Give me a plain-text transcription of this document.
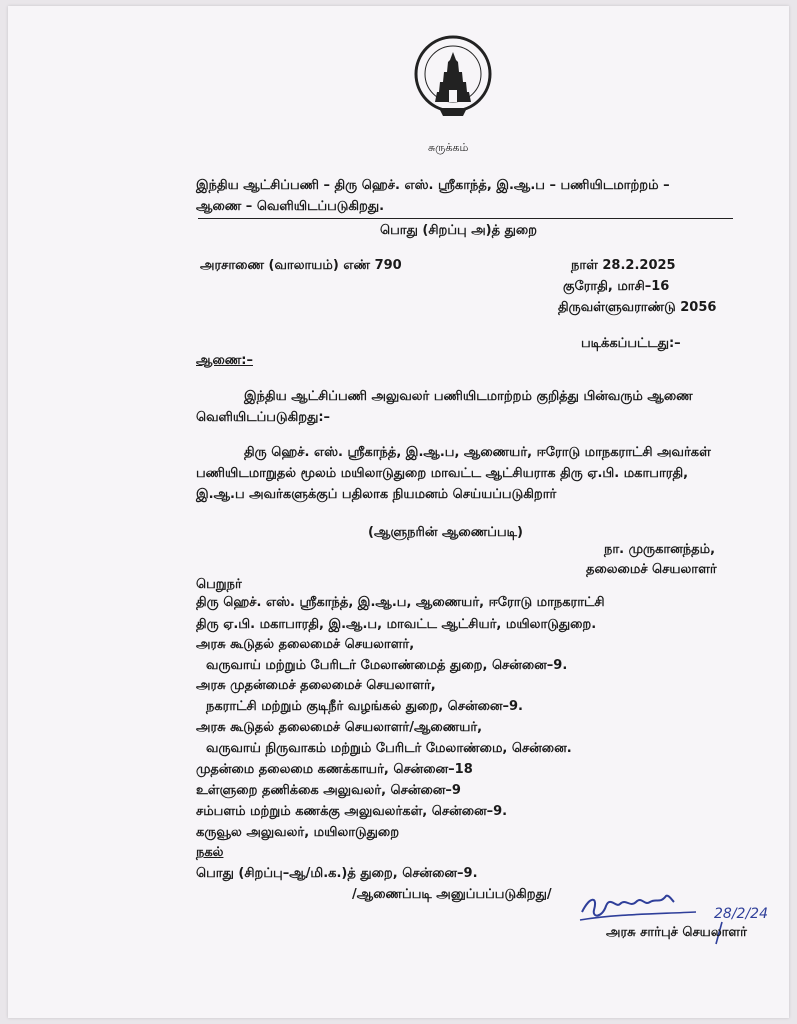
சுருக்கம்
இந்திய ஆட்சிப்பணி – திரு ஹெச். எஸ். ஸ்ரீகாந்த், இ.ஆ.ப – பணியிடமாற்றம் –
ஆணை – வெளியிடப்படுகிறது.
பொது (சிறப்பு அ)த் துறை
அரசாணை (வாலாயம்) எண் 790	நாள் 28.2.2025
குரோதி, மாசி–16
திருவள்ளுவராண்டு 2056
படிக்கப்பட்டது:–
ஆணை:–
இந்திய ஆட்சிப்பணி அலுவலர் பணியிடமாற்றம் குறித்து பின்வரும் ஆணை
வெளியிடப்படுகிறது:–
திரு ஹெச். எஸ். ஸ்ரீகாந்த், இ.ஆ.ப, ஆணையர், ஈரோடு மாநகராட்சி அவர்கள்
பணியிடமாறுதல் மூலம் மயிலாடுதுறை மாவட்ட ஆட்சியராக திரு ஏ.பி. மகாபாரதி,
இ.ஆ.ப அவர்களுக்குப் பதிலாக நியமனம் செய்யப்படுகிறார்
(ஆளுநரின் ஆணைப்படி)
நா. முருகானந்தம்,
தலைமைச் செயலாளர்
பெறுநர்
திரு ஹெச். எஸ். ஸ்ரீகாந்த், இ.ஆ.ப, ஆணையர், ஈரோடு மாநகராட்சி
திரு ஏ.பி. மகாபாரதி, இ.ஆ.ப, மாவட்ட ஆட்சியர், மயிலாடுதுறை.
அரசு கூடுதல் தலைமைச் செயலாளர்,
வருவாய் மற்றும் பேரிடர் மேலாண்மைத் துறை, சென்னை–9.
அரசு முதன்மைச் தலைமைச் செயலாளர்,
நகராட்சி மற்றும் குடிநீர் வழங்கல் துறை, சென்னை–9.
அரசு கூடுதல் தலைமைச் செயலாளர்/ஆணையர்,
வருவாய் நிருவாகம் மற்றும் பேரிடர் மேலாண்மை, சென்னை.
முதன்மை தலைமை கணக்காயர், சென்னை–18
உள்ளுறை தணிக்கை அலுவலர், சென்னை–9
சம்பளம் மற்றும் கணக்கு அலுவலர்கள், சென்னை–9.
கருவூல அலுவலர், மயிலாடுதுறை
நகல்
பொது (சிறப்பு–ஆ/மி.க.)த் துறை, சென்னை–9.
/ஆணைப்படி அனுப்பப்படுகிறது/
28/2/24
அரசு சார்புச் செயலாளர்
